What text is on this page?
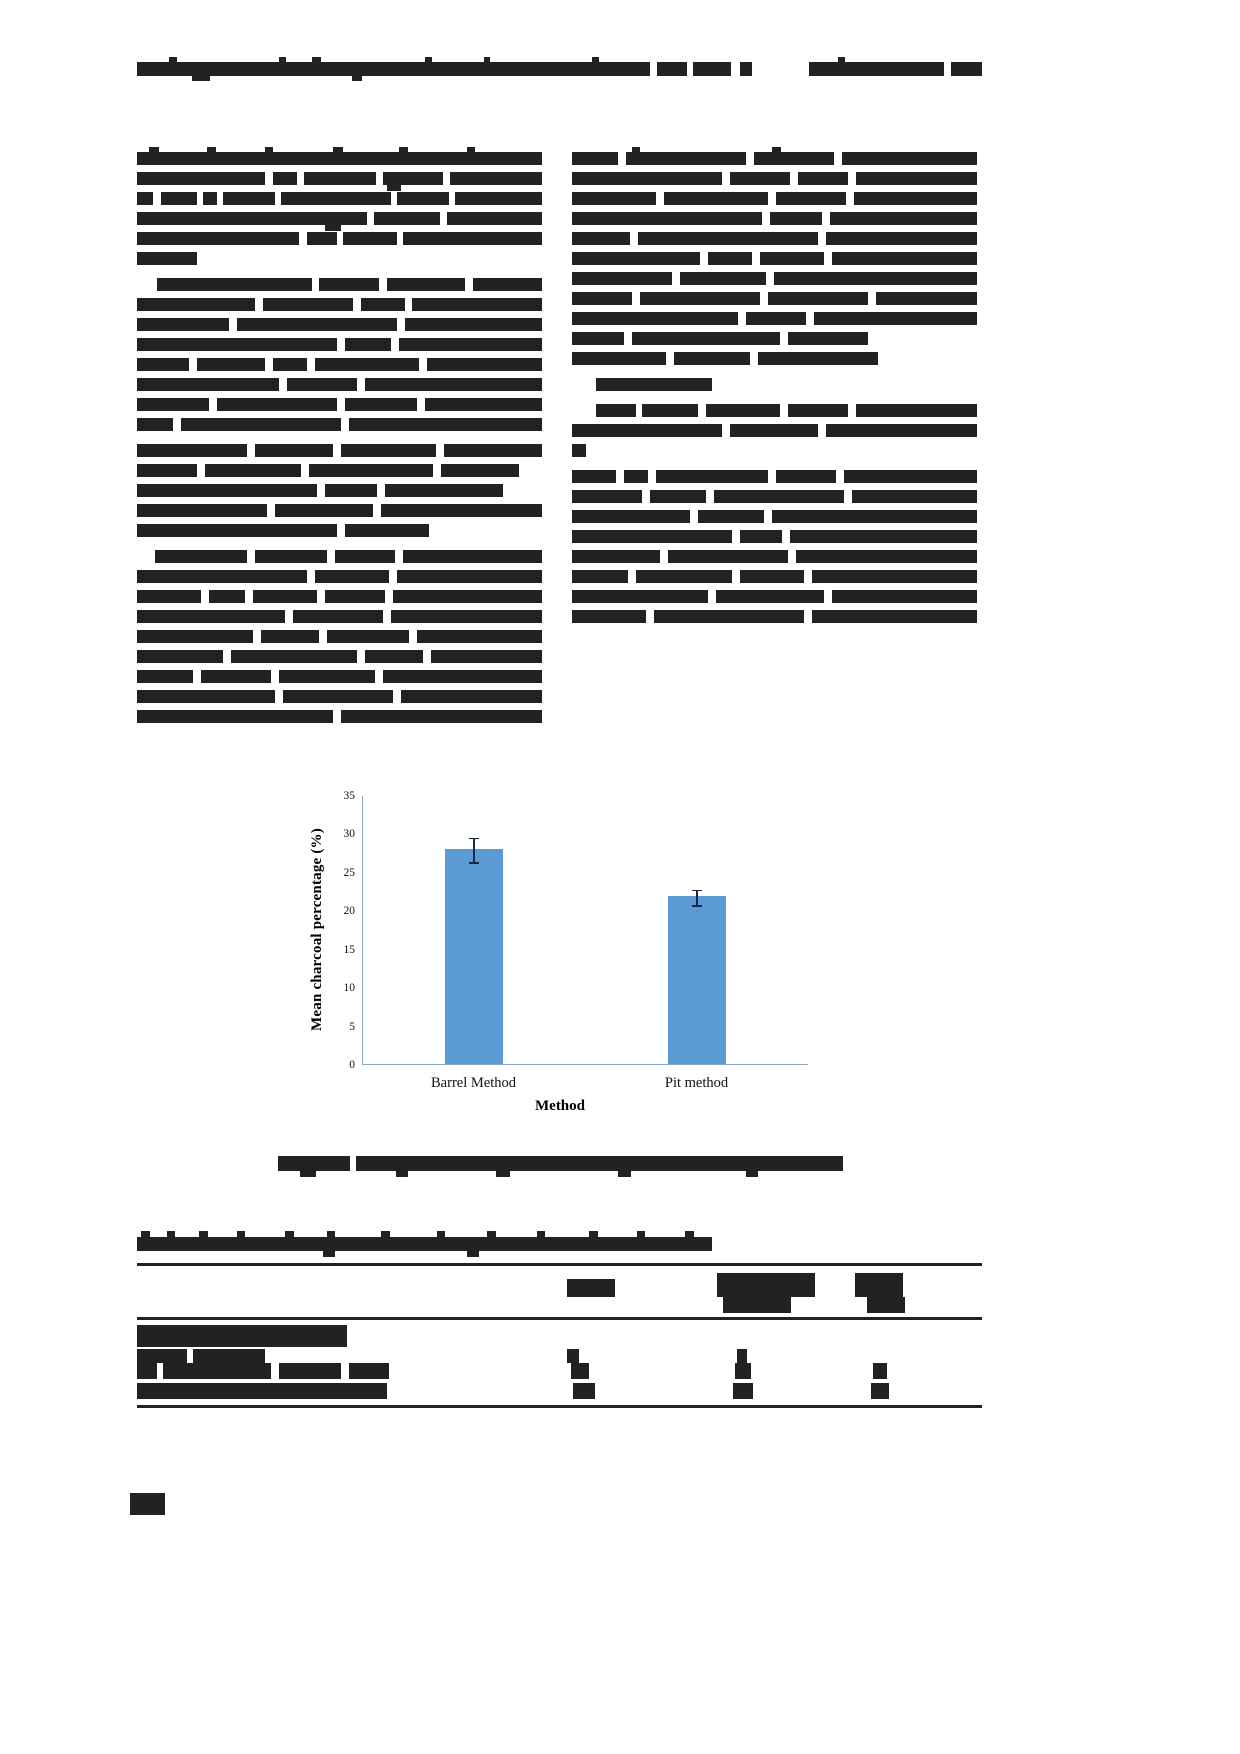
Mean charcoal percentage (%)
0
5
10
15
20
25
30
35
Barrel Method	Pit method
Method
